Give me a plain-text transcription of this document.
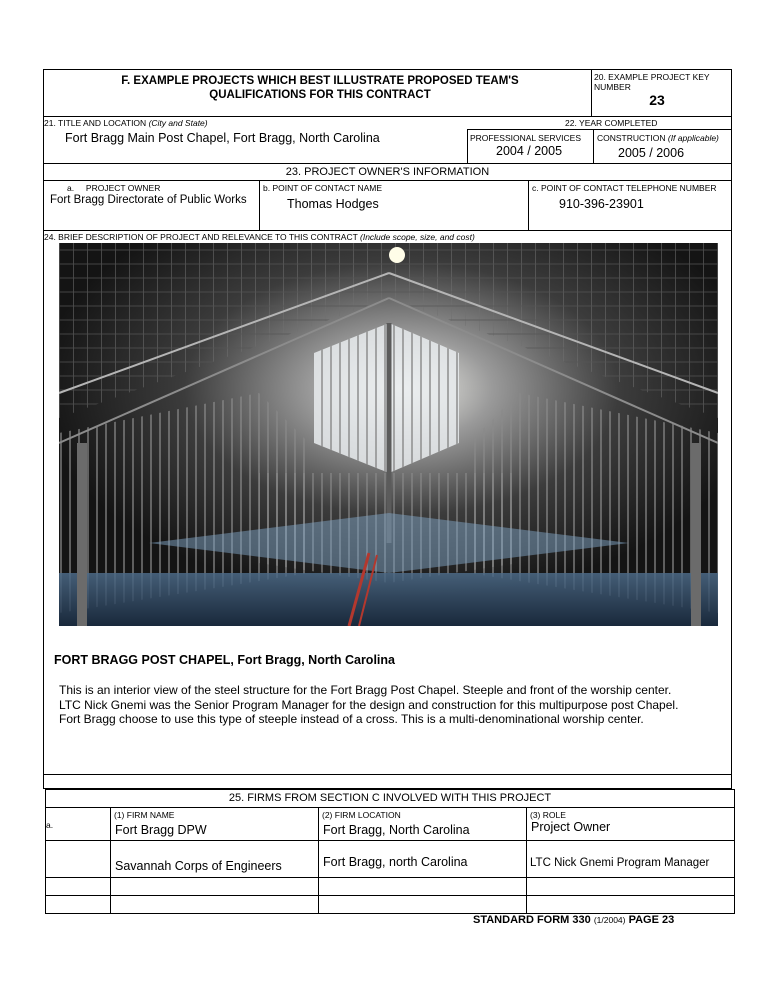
F. EXAMPLE PROJECTS WHICH BEST ILLUSTRATE PROPOSED TEAM'S
QUALIFICATIONS FOR THIS CONTRACT
20. EXAMPLE PROJECT KEY
NUMBER
23
21. TITLE AND LOCATION (City and State)
Fort Bragg Main Post Chapel, Fort Bragg, North Carolina
22. YEAR COMPLETED
PROFESSIONAL SERVICES
2004 / 2005
CONSTRUCTION (If applicable)
2005 / 2006
23. PROJECT OWNER'S INFORMATION
a. PROJECT OWNER
Fort Bragg Directorate of Public Works
b. POINT OF CONTACT NAME
Thomas Hodges
c. POINT OF CONTACT TELEPHONE NUMBER
910-396-23901
24. BRIEF DESCRIPTION OF PROJECT AND RELEVANCE TO THIS CONTRACT (Include scope, size, and cost)
FORT BRAGG POST CHAPEL, Fort Bragg, North Carolina
This is an interior view of the steel structure for the Fort Bragg Post Chapel. Steeple and front of the worship center.
LTC Nick Gnemi was the Senior Program Manager for the design and construction for this multipurpose post Chapel.
Fort Bragg choose to use this type of steeple instead of a cross. This is a multi-denominational worship center.
25. FIRMS FROM SECTION C INVOLVED WITH THIS PROJECT
a.
(1) FIRM NAME	(2) FIRM LOCATION	(3) ROLE
Fort Bragg DPW	Fort Bragg, North Carolina	Project Owner
Savannah Corps of Engineers	Fort Bragg, north Carolina	LTC Nick Gnemi Program Manager
STANDARD FORM 330 (1/2004) PAGE 23
